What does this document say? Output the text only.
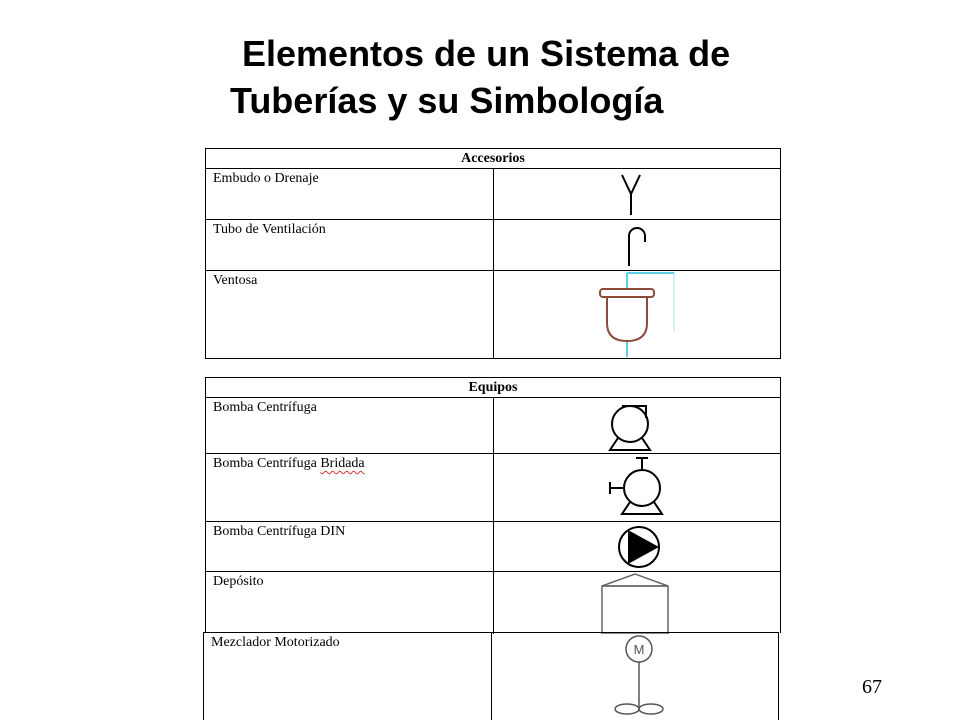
Elementos de un Sistema de
Tuberías y su Simbología
Accesorios
Embudo o Drenaje
Tubo de Ventilación
Ventosa
Equipos
Bomba Centrífuga
Bomba Centrífuga Bridada
Bomba Centrífuga DIN
Depósito
Mezclador Motorizado	M
67
